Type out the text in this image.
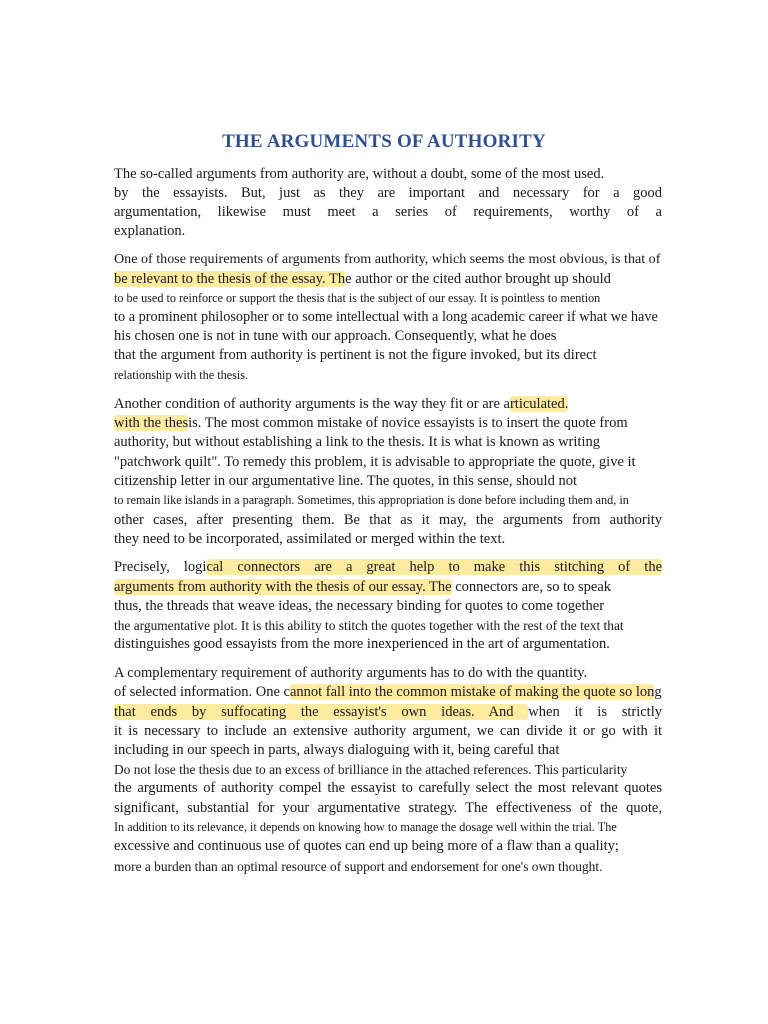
THE ARGUMENTS OF AUTHORITY
The so-called arguments from authority are, without a doubt, some of the most used.
by the essayists. But, just as they are important and necessary for a good
argumentation, likewise must meet a series of requirements, worthy of a
explanation.
One of those requirements of arguments from authority, which seems the most obvious, is that of
be relevant to the thesis of the essay. The author or the cited author brought up should
to be used to reinforce or support the thesis that is the subject of our essay. It is pointless to mention
to a prominent philosopher or to some intellectual with a long academic career if what we have
his chosen one is not in tune with our approach. Consequently, what he does
that the argument from authority is pertinent is not the figure invoked, but its direct
relationship with the thesis.
Another condition of authority arguments is the way they fit or are articulated.
with the thesis. The most common mistake of novice essayists is to insert the quote from
authority, but without establishing a link to the thesis. It is what is known as writing
"patchwork quilt". To remedy this problem, it is advisable to appropriate the quote, give it
citizenship letter in our argumentative line. The quotes, in this sense, should not
to remain like islands in a paragraph. Sometimes, this appropriation is done before including them and, in
other cases, after presenting them. Be that as it may, the arguments from authority
they need to be incorporated, assimilated or merged within the text.
Precisely, logical connectors are a great help to make this stitching of the
arguments from authority with the thesis of our essay. The connectors are, so to speak
thus, the threads that weave ideas, the necessary binding for quotes to come together
the argumentative plot. It is this ability to stitch the quotes together with the rest of the text that
distinguishes good essayists from the more inexperienced in the art of argumentation.
A complementary requirement of authority arguments has to do with the quantity.
of selected information. One cannot fall into the common mistake of making the quote so long
that ends by suffocating the essayist's own ideas. And when it is strictly
it is necessary to include an extensive authority argument, we can divide it or go with it
including in our speech in parts, always dialoguing with it, being careful that
Do not lose the thesis due to an excess of brilliance in the attached references. This particularity
the arguments of authority compel the essayist to carefully select the most relevant quotes
significant, substantial for your argumentative strategy. The effectiveness of the quote,
In addition to its relevance, it depends on knowing how to manage the dosage well within the trial. The
excessive and continuous use of quotes can end up being more of a flaw than a quality;
more a burden than an optimal resource of support and endorsement for one's own thought.
